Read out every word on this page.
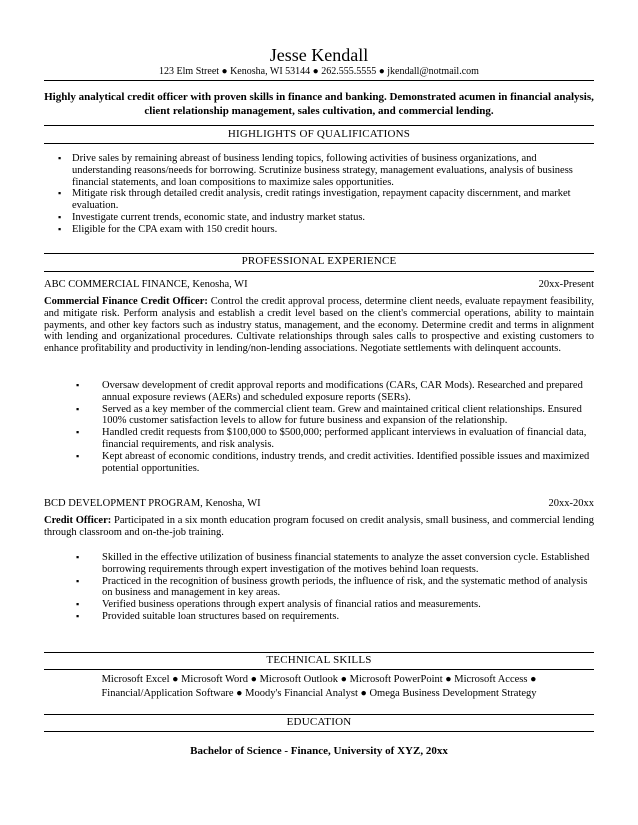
Jesse Kendall
123 Elm Street ● Kenosha, WI 53144 ● 262.555.5555 ● jkendall@notmail.com
Highly analytical credit officer with proven skills in finance and banking. Demonstrated acumen in financial analysis, client relationship management, sales cultivation, and commercial lending.
HIGHLIGHTS OF QUALIFICATIONS
▪ Drive sales by remaining abreast of business lending topics, following activities of business organizations, and understanding reasons/needs for borrowing. Scrutinize business strategy, management evaluations, analysis of business financial statements, and loan compositions to maximize sales opportunities.
▪ Mitigate risk through detailed credit analysis, credit ratings investigation, repayment capacity discernment, and market evaluation.
▪ Investigate current trends, economic state, and industry market status.
▪ Eligible for the CPA exam with 150 credit hours.
PROFESSIONAL EXPERIENCE
ABC COMMERCIAL FINANCE, Kenosha, WI	20xx-Present
Commercial Finance Credit Officer: Control the credit approval process, determine client needs, evaluate repayment feasibility, and mitigate risk. Perform analysis and establish a credit level based on the client's commercial operations, ability to maintain payments, and other key factors such as industry status, management, and the economy. Determine credit and terms in alignment with lending and organizational procedures. Cultivate relationships through sales calls to prospective and existing customers to enhance profitability and productivity in lending/non-lending associations. Negotiate settlements with delinquent accounts.
▪ Oversaw development of credit approval reports and modifications (CARs, CAR Mods). Researched and prepared annual exposure reviews (AERs) and scheduled exposure reports (SERs).
▪ Served as a key member of the commercial client team. Grew and maintained critical client relationships. Ensured 100% customer satisfaction levels to allow for future business and expansion of the relationship.
▪ Handled credit requests from $100,000 to $500,000; performed applicant interviews in evaluation of financial data, financial requirements, and risk analysis.
▪ Kept abreast of economic conditions, industry trends, and credit activities. Identified possible issues and maximized potential opportunities.
BCD DEVELOPMENT PROGRAM, Kenosha, WI	20xx-20xx
Credit Officer: Participated in a six month education program focused on credit analysis, small business, and commercial lending through classroom and on-the-job training.
▪ Skilled in the effective utilization of business financial statements to analyze the asset conversion cycle. Established borrowing requirements through expert investigation of the motives behind loan requests.
▪ Practiced in the recognition of business growth periods, the influence of risk, and the systematic method of analysis on business and management in key areas.
▪ Verified business operations through expert analysis of financial ratios and measurements.
▪ Provided suitable loan structures based on requirements.
TECHNICAL SKILLS
Microsoft Excel ● Microsoft Word ● Microsoft Outlook ● Microsoft PowerPoint ● Microsoft Access ●
Financial/Application Software ● Moody's Financial Analyst ● Omega Business Development Strategy
EDUCATION
Bachelor of Science - Finance, University of XYZ, 20xx
